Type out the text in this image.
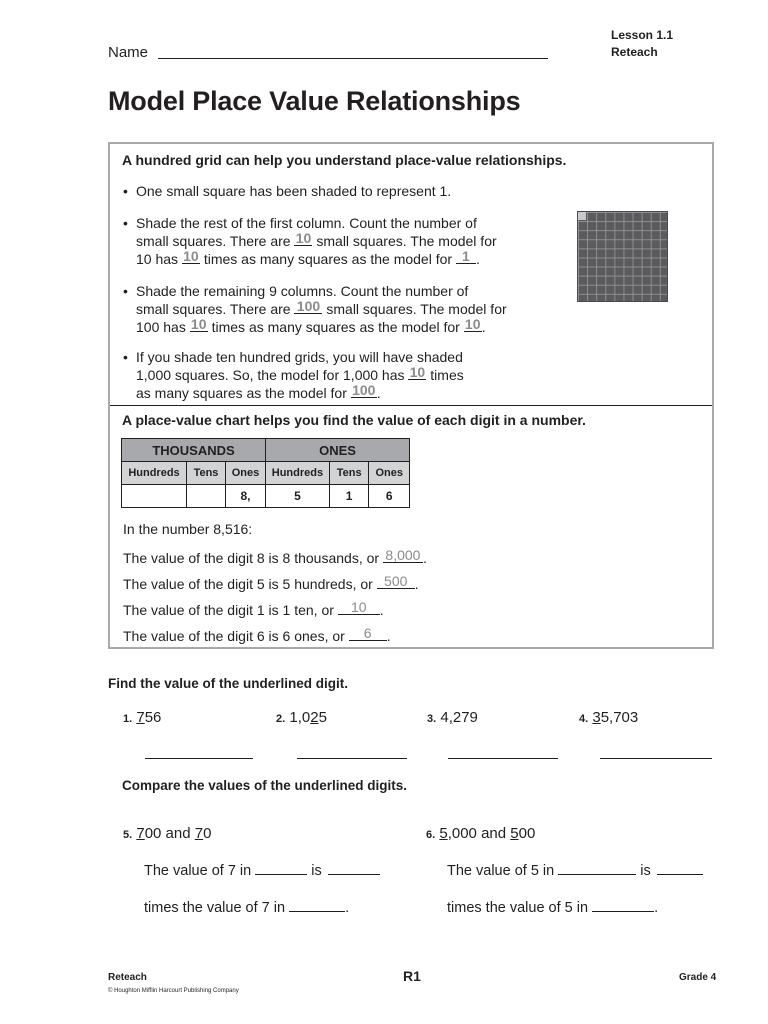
Name
Lesson 1.1
Reteach
Model Place Value Relationships
A hundred grid can help you understand place-value relationships.
• One small square has been shaded to represent 1.
• Shade the rest of the first column. Count the number of
small squares. There are 10 small squares. The model for
10 has 10 times as many squares as the model for 1 .
• Shade the remaining 9 columns. Count the number of
small squares. There are 100 small squares. The model for
100 has 10 times as many squares as the model for 10.
• If you shade ten hundred grids, you will have shaded
1,000 squares. So, the model for 1,000 has 10 times
as many squares as the model for 100.
A place-value chart helps you find the value of each digit in a number.
THOUSANDS			ONES		
Hundreds	Tens	Ones	Hundreds	Tens	Ones
		8,	5	1	6
In the number 8,516:
The value of the digit 8 is 8 thousands, or 8,000 .
The value of the digit 5 is 5 hundreds, or 500 .
The value of the digit 1 is 1 ten, or 10 .
The value of the digit 6 is 6 ones, or 6 .
Find the value of the underlined digit.
1. 756	2. 1,025	3. 4,279	4. 35,703
Compare the values of the underlined digits.
5. 700 and 70
The value of 7 in	is
times the value of 7 in	.
6. 5,000 and 500
The value of 5 in	is
times the value of 5 in	.
Reteach
© Houghton Mifflin Harcourt Publishing Company
R1	Grade 4
